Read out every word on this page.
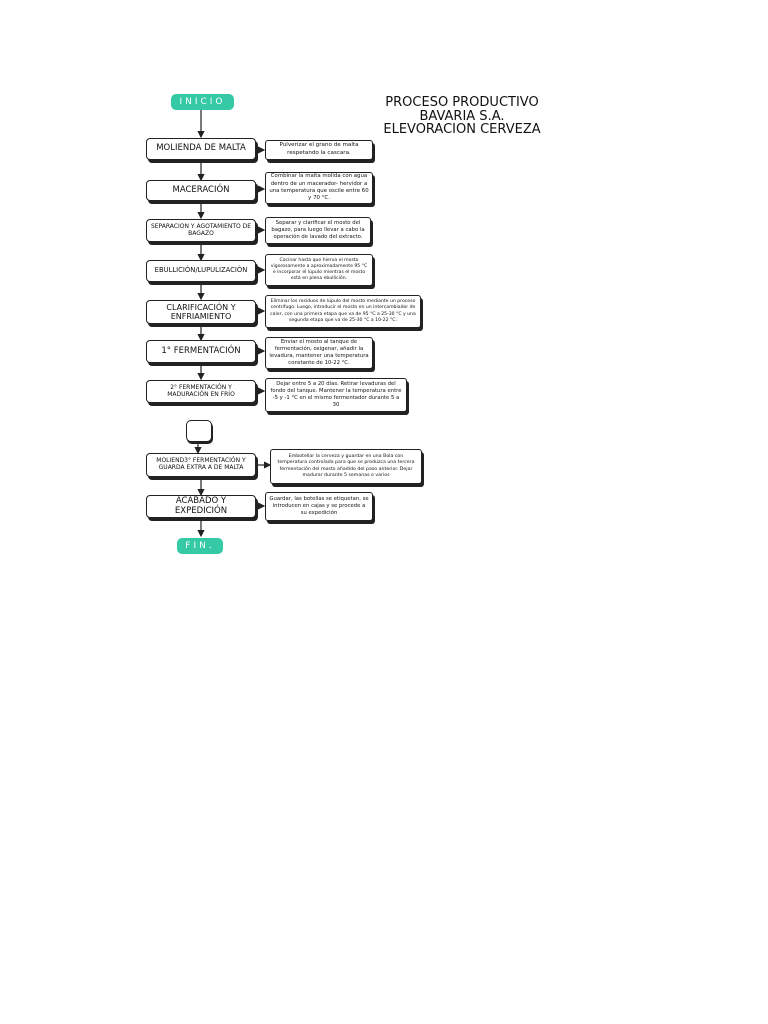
PROCESO PRODUCTIVO
BAVARIA S.A.
ELEVORACION CERVEZA
INICIO
FIN.
MOLIENDA DE MALTA
MACERACIÓN
SEPARACION Y AGOTAMIENTO DE BAGAZO
EBULLICIÓN/LUPULIZACIÓN
CLARIFICACIÓN Y ENFRIAMIENTO
1° FERMENTACIÓN
2° FERMENTACIÓN Y MADURACIÓN EN FRÍO
MOLIEND3° FERMENTACIÓN Y GUARDA EXTRA A DE MALTA
ACABADO Y EXPEDICIÓN
Pulverizar el grano de malta respetando la cascara.
Combinar la malta molida con agua dentro de un macerador- hervidor a una temperatura que oscile entre 60 y 70 °C.
Separar y clarificar el mosto del bagazo, para luego llevar a cabo la operación de lavado del extracto.
Cocinar hasta que hierva el mosto vigorosamente a aproximadamente 95 °C e incorporar el lúpulo mientras el mosto está en plena ebullición.
Eliminar los residuos de lúpulo del mosto mediante un proceso centrífugo. Luego, introducir el mosto en un intercambiador de calor, con una primera etapa que va de 95 °C a 25-30 °C y una segunda etapa que va de 25-30 °C a 10-22 °C.
Enviar el mosto al tanque de fermentación, oxigenar, añadir la levadura, mantener una temperatura constante de 10-22 °C.
Dejar entre 5 a 20 días. Retirar levaduras del fondo del tanque. Mantener la temperatura entre -5 y -1 °C en el mismo fermentador durante 5 a 30
Embotellar la cerveza y guardar en una Bola con temperatura controlada para que se produzca una tercera fermentación del mosto añadido del paso anterior. Dejar madurar durante 5 semanas o varios
Guardar, las botellas se etiquetan, se introducen en cajas y se procede a su expedición
